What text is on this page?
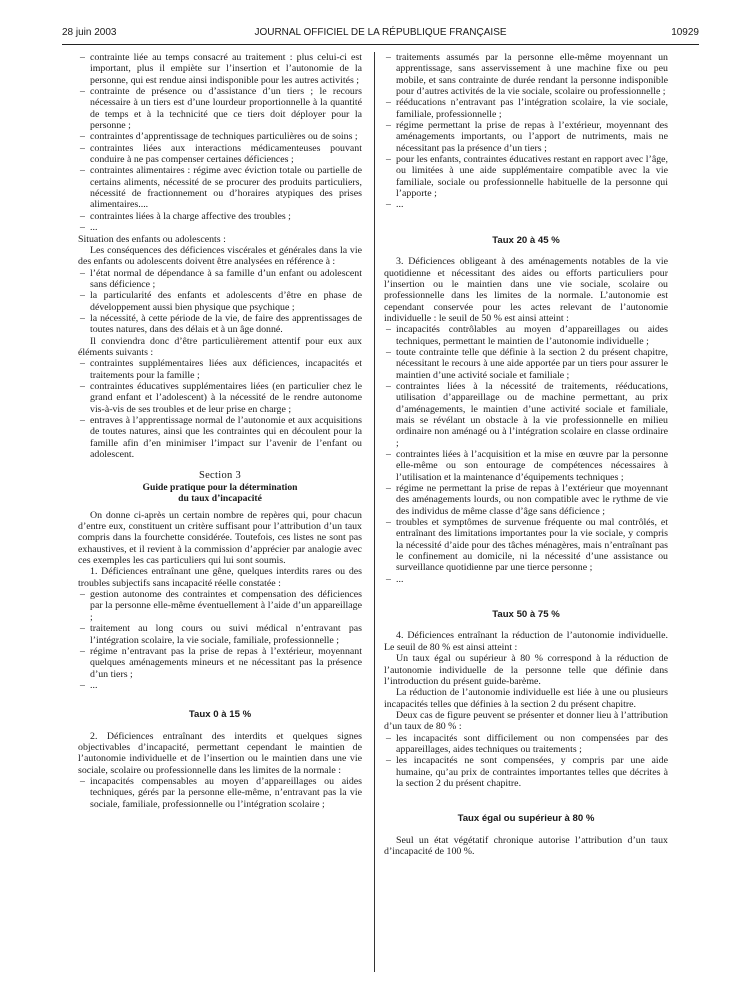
28 juin 2003	JOURNAL OFFICIEL DE LA RÉPUBLIQUE FRANÇAISE	10929

– contrainte liée au temps consacré au traitement : plus celui-ci est important, plus il empiète sur l’insertion et l’autonomie de la personne, qui est rendue ainsi indisponible pour les autres activités ;

– contrainte de présence ou d’assistance d’un tiers ; le recours nécessaire à un tiers est d’une lourdeur proportionnelle à la quantité de temps et à la technicité que ce tiers doit déployer pour la personne ;

– contraintes d’apprentissage de techniques particulières ou de soins ;

– contraintes liées aux interactions médicamenteuses pouvant conduire à ne pas compenser certaines déficiences ;

– contraintes alimentaires : régime avec éviction totale ou partielle de certains aliments, nécessité de se procurer des produits particuliers, nécessité de fractionnement ou d’horaires atypiques des prises alimentaires....

– contraintes liées à la charge affective des troubles ;

– ...

Situation des enfants ou adolescents :

Les conséquences des déficiences viscérales et générales dans la vie des enfants ou adolescents doivent être analysées en référence à :

– l’état normal de dépendance à sa famille d’un enfant ou adolescent sans déficience ;

– la particularité des enfants et adolescents d’être en phase de développement aussi bien physique que psychique ;

– la nécessité, à cette période de la vie, de faire des apprentissages de toutes natures, dans des délais et à un âge donné.

Il conviendra donc d’être particulièrement attentif pour eux aux éléments suivants :

– contraintes supplémentaires liées aux déficiences, incapacités et traitements pour la famille ;

– contraintes éducatives supplémentaires liées (en particulier chez le grand enfant et l’adolescent) à la nécessité de le rendre autonome vis-à-vis de ses troubles et de leur prise en charge ;

– entraves à l’apprentissage normal de l’autonomie et aux acquisitions de toutes natures, ainsi que les contraintes qui en découlent pour la famille afin d’en minimiser l’impact sur l’avenir de l’enfant ou adolescent.

Section 3

Guide pratique pour la détermination

du taux d’incapacité

On donne ci-après un certain nombre de repères qui, pour chacun d’entre eux, constituent un critère suffisant pour l’attribution d’un taux compris dans la fourchette considérée. Toutefois, ces listes ne sont pas exhaustives, et il revient à la commission d’apprécier par analogie avec ces exemples les cas particuliers qui lui sont soumis.

1. Déficiences entraînant une gêne, quelques interdits rares ou des troubles subjectifs sans incapacité réelle constatée :

– gestion autonome des contraintes et compensation des déficiences par la personne elle-même éventuellement à l’aide d’un appareillage ;

– traitement au long cours ou suivi médical n’entravant pas l’intégration scolaire, la vie sociale, familiale, professionnelle ;

– régime n’entravant pas la prise de repas à l’extérieur, moyennant quelques aménagements mineurs et ne nécessitant pas la présence d’un tiers ;

– ...

Taux 0 à 15 %

2. Déficiences entraînant des interdits et quelques signes objectivables d’incapacité, permettant cependant le maintien de l’autonomie individuelle et de l’insertion ou le maintien dans une vie sociale, scolaire ou professionnelle dans les limites de la normale :

– incapacités compensables au moyen d’appareillages ou aides techniques, gérés par la personne elle-même, n’entravant pas la vie sociale, familiale, professionnelle ou l’intégration scolaire ;

– traitements assumés par la personne elle-même moyennant un apprentissage, sans asservissement à une machine fixe ou peu mobile, et sans contrainte de durée rendant la personne indisponible pour d’autres activités de la vie sociale, scolaire ou professionnelle ;

– rééducations n’entravant pas l’intégration scolaire, la vie sociale, familiale, professionnelle ;

– régime permettant la prise de repas à l’extérieur, moyennant des aménagements importants, ou l’apport de nutriments, mais ne nécessitant pas la présence d’un tiers ;

– pour les enfants, contraintes éducatives restant en rapport avec l’âge, ou limitées à une aide supplémentaire compatible avec la vie familiale, sociale ou professionnelle habituelle de la personne qui l’apporte ;

– ...

Taux 20 à 45 %

3. Déficiences obligeant à des aménagements notables de la vie quotidienne et nécessitant des aides ou efforts particuliers pour l’insertion ou le maintien dans une vie sociale, scolaire ou professionnelle dans les limites de la normale. L’autonomie est cependant conservée pour les actes relevant de l’autonomie individuelle : le seuil de 50 % est ainsi atteint :

– incapacités contrôlables au moyen d’appareillages ou aides techniques, permettant le maintien de l’autonomie individuelle ;

– toute contrainte telle que définie à la section 2 du présent chapitre, nécessitant le recours à une aide apportée par un tiers pour assurer le maintien d’une activité sociale et familiale ;

– contraintes liées à la nécessité de traitements, rééducations, utilisation d’appareillage ou de machine permettant, au prix d’aménagements, le maintien d’une activité sociale et familiale, mais se révélant un obstacle à la vie professionnelle en milieu ordinaire non aménagé ou à l’intégration scolaire en classe ordinaire ;

– contraintes liées à l’acquisition et la mise en œuvre par la personne elle-même ou son entourage de compétences nécessaires à l’utilisation et la maintenance d’équipements techniques ;

– régime ne permettant la prise de repas à l’extérieur que moyennant des aménagements lourds, ou non compatible avec le rythme de vie des individus de même classe d’âge sans déficience ;

– troubles et symptômes de survenue fréquente ou mal contrôlés, et entraînant des limitations importantes pour la vie sociale, y compris la nécessité d’aide pour des tâches ménagères, mais n’entraînant pas le confinement au domicile, ni la nécessité d’une assistance ou surveillance quotidienne par une tierce personne ;

– ...

Taux 50 à 75 %

4. Déficiences entraînant la réduction de l’autonomie individuelle. Le seuil de 80 % est ainsi atteint :

Un taux égal ou supérieur à 80 % correspond à la réduction de l’autonomie individuelle de la personne telle que définie dans l’introduction du présent guide-barème.

La réduction de l’autonomie individuelle est liée à une ou plusieurs incapacités telles que définies à la section 2 du présent chapitre.

Deux cas de figure peuvent se présenter et donner lieu à l’attribution d’un taux de 80 % :

– les incapacités sont difficilement ou non compensées par des appareillages, aides techniques ou traitements ;

– les incapacités ne sont compensées, y compris par une aide humaine, qu’au prix de contraintes importantes telles que décrites à la section 2 du présent chapitre.

Taux égal ou supérieur à 80 %

Seul un état végétatif chronique autorise l’attribution d’un taux d’incapacité de 100 %.
